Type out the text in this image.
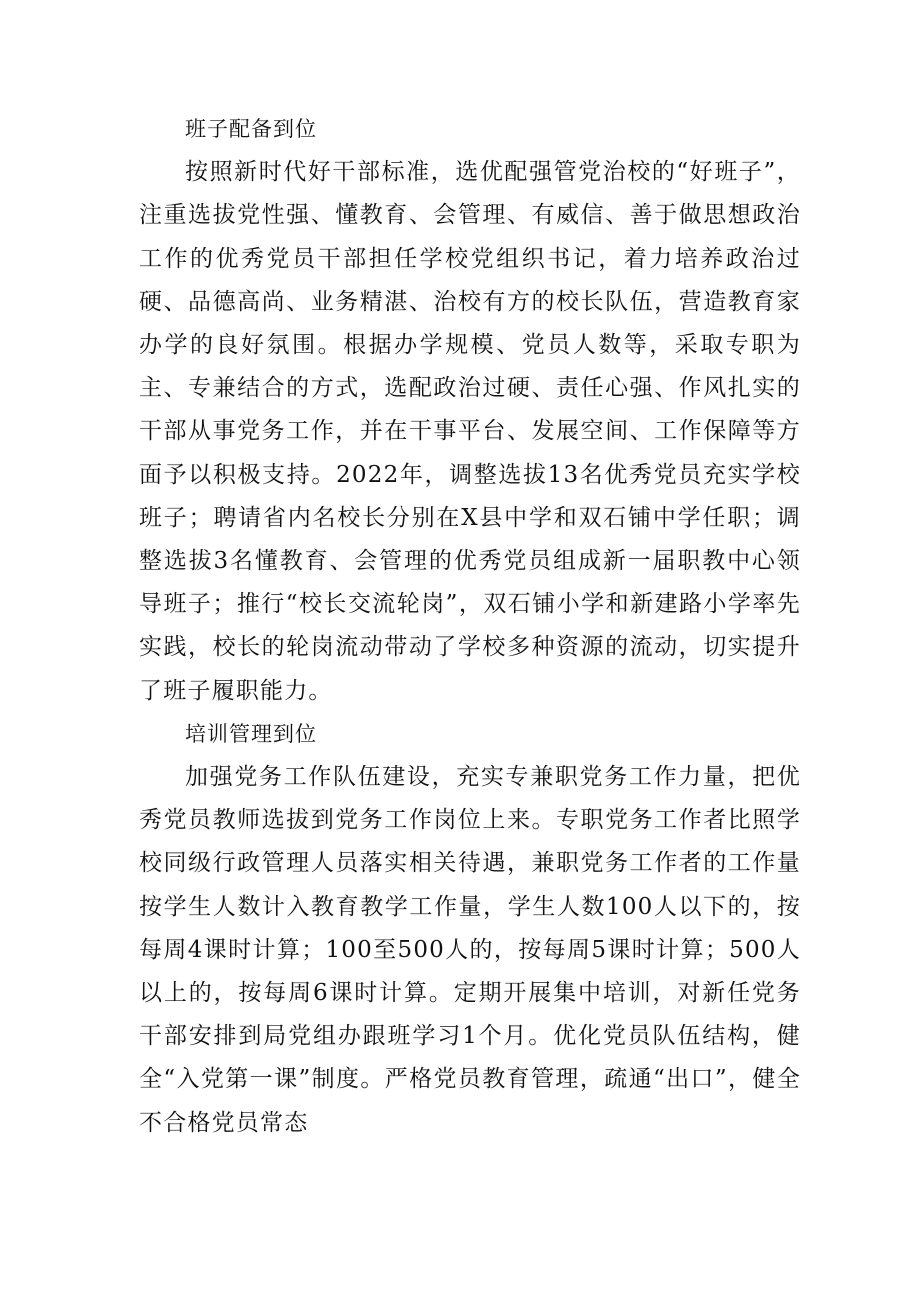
班子配备到位

按照新时代好干部标准，选优配强管党治校的“好班子”，注重选拔党性强、懂教育、会管理、有威信、善于做思想政治工作的优秀党员干部担任学校党组织书记，着力培养政治过硬、品德高尚、业务精湛、治校有方的校长队伍，营造教育家办学的良好氛围。根据办学规模、党员人数等，采取专职为主、专兼结合的方式，选配政治过硬、责任心强、作风扎实的干部从事党务工作，并在干事平台、发展空间、工作保障等方面予以积极支持。2022年，调整选拔13名优秀党员充实学校班子；聘请省内名校长分别在X县中学和双石铺中学任职；调整选拔3名懂教育、会管理的优秀党员组成新一届职教中心领导班子；推行“校长交流轮岗”，双石铺小学和新建路小学率先实践，校长的轮岗流动带动了学校多种资源的流动，切实提升了班子履职能力。

培训管理到位

加强党务工作队伍建设，充实专兼职党务工作力量，把优秀党员教师选拔到党务工作岗位上来。专职党务工作者比照学校同级行政管理人员落实相关待遇，兼职党务工作者的工作量按学生人数计入教育教学工作量，学生人数100人以下的，按每周4课时计算；100至500人的，按每周5课时计算；500人以上的，按每周6课时计算。定期开展集中培训，对新任党务干部安排到局党组办跟班学习1个月。优化党员队伍结构，健全“入党第一课”制度。严格党员教育管理，疏通“出口”，健全不合格党员常态
